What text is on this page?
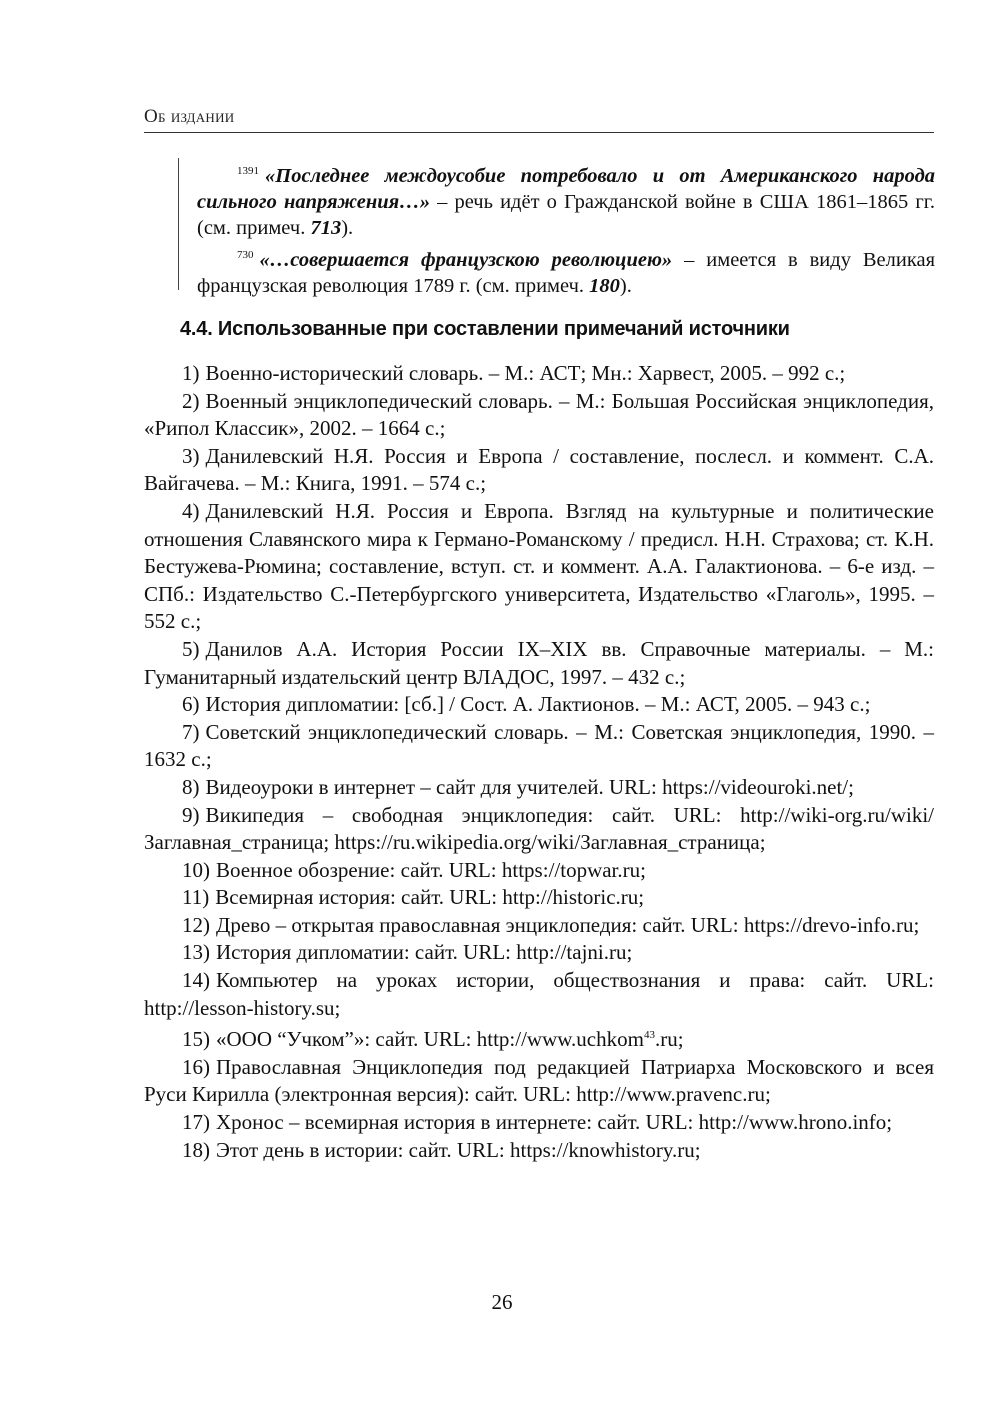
Об издании

$^{1391}$ «Последнее междоусобие потребовало и от Американского народа сильного напряжения…» – речь идёт о Гражданской войне в США 1861–1865 гг. (см. примеч. 713).

$^{730}$ «…совершается французскою революциею» – имеется в виду Великая французская революция 1789 г. (см. примеч. 180).

4.4. Использованные при составлении примечаний источники

1) Военно-исторический словарь. – М.: АСТ; Мн.: Харвест, 2005. – 992 с.;

2) Военный энциклопедический словарь. – М.: Большая Российская энциклопедия, «Рипол Классик», 2002. – 1664 с.;

3) Данилевский Н.Я. Россия и Европа / составление, послесл. и коммент. С.А. Вайгачева. – М.: Книга, 1991. – 574 с.;

4) Данилевский Н.Я. Россия и Европа. Взгляд на культурные и политические отношения Славянского мира к Германо-Романскому / предисл. Н.Н. Страхова; ст. К.Н. Бестужева-Рюмина; составление, вступ. ст. и коммент. А.А. Галактионова. – 6-е изд. – СПб.: Издательство С.-Петербургского университета, Издательство «Глаголь», 1995. – 552 с.;

5) Данилов А.А. История России IX–XIX вв. Справочные материалы. – М.: Гуманитарный издательский центр ВЛАДОС, 1997. – 432 с.;

6) История дипломатии: [сб.] / Сост. А. Лактионов. – М.: АСТ, 2005. – 943 с.;

7) Советский энциклопедический словарь. – М.: Советская энциклопедия, 1990. – 1632 с.;

8) Видеоуроки в интернет – сайт для учителей. URL: https://videouroki.net/;

9) Википедия – свободная энциклопедия: сайт. URL: http://wiki-org.ru/wiki/Заглавная_страница; https://ru.wikipedia.org/wiki/Заглавная_страница;

10) Военное обозрение: сайт. URL: https://topwar.ru;

11) Всемирная история: сайт. URL: http://historic.ru;

12) Древо – открытая православная энциклопедия: сайт. URL: https://drevo-info.ru;

13) История дипломатии: сайт. URL: http://tajni.ru;

14) Компьютер на уроках истории, обществознания и права: сайт. URL: http://lesson-history.su;

15) «ООО “Учком”»: сайт. URL: http://www.uchkom$^{43}$.ru;

16) Православная Энциклопедия под редакцией Патриарха Московского и всея Руси Кирилла (электронная версия): сайт. URL: http://www.pravenc.ru;

17) Хронос – всемирная история в интернете: сайт. URL: http://www.hrono.info;

18) Этот день в истории: сайт. URL: https://knowhistory.ru;

26
